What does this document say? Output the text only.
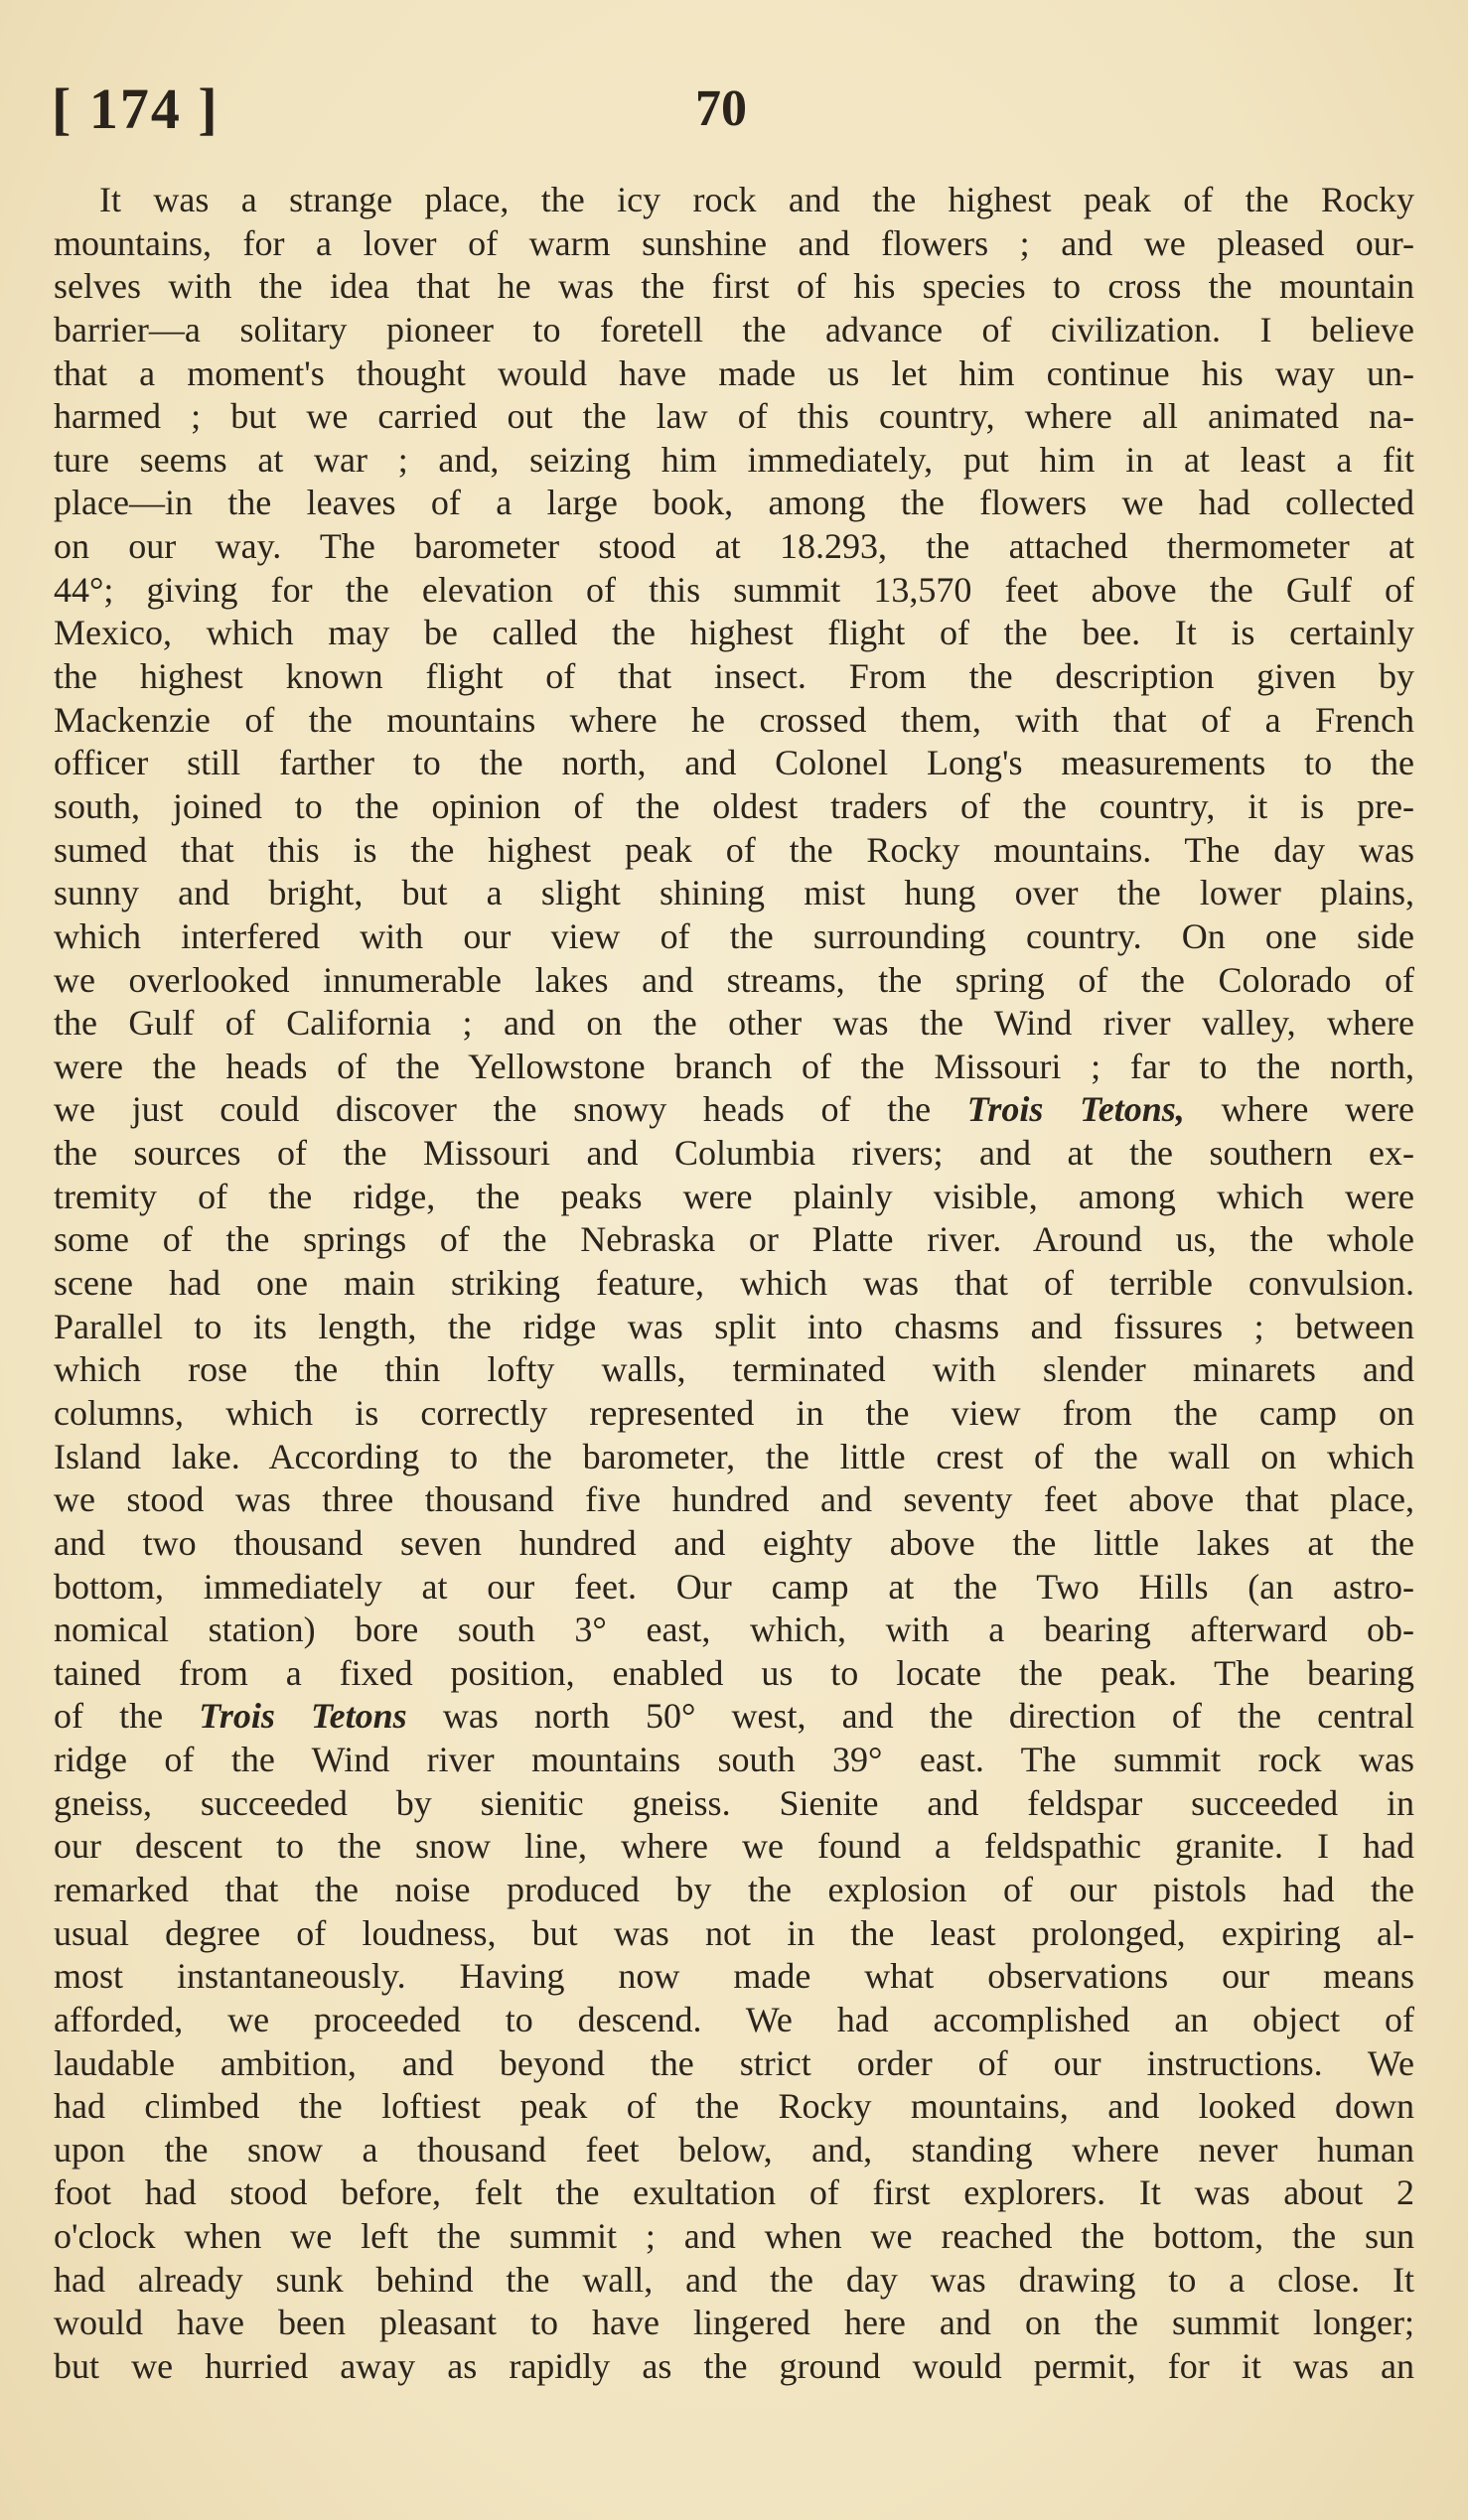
[ 174 ]	70
It was a strange place, the icy rock and the highest peak of the Rocky
mountains, for a lover of warm sunshine and flowers ; and we pleased our-
selves with the idea that he was the first of his species to cross the mountain
barrier—a solitary pioneer to foretell the advance of civilization. I believe
that a moment's thought would have made us let him continue his way un-
harmed ; but we carried out the law of this country, where all animated na-
ture seems at war ; and, seizing him immediately, put him in at least a fit
place—in the leaves of a large book, among the flowers we had collected
on our way. The barometer stood at 18.293, the attached thermometer at
44°; giving for the elevation of this summit 13,570 feet above the Gulf of
Mexico, which may be called the highest flight of the bee. It is certainly
the highest known flight of that insect. From the description given by
Mackenzie of the mountains where he crossed them, with that of a French
officer still farther to the north, and Colonel Long's measurements to the
south, joined to the opinion of the oldest traders of the country, it is pre-
sumed that this is the highest peak of the Rocky mountains. The day was
sunny and bright, but a slight shining mist hung over the lower plains,
which interfered with our view of the surrounding country. On one side
we overlooked innumerable lakes and streams, the spring of the Colorado of
the Gulf of California ; and on the other was the Wind river valley, where
were the heads of the Yellowstone branch of the Missouri ; far to the north,
we just could discover the snowy heads of the Trois Tetons, where were
the sources of the Missouri and Columbia rivers; and at the southern ex-
tremity of the ridge, the peaks were plainly visible, among which were
some of the springs of the Nebraska or Platte river. Around us, the whole
scene had one main striking feature, which was that of terrible convulsion.
Parallel to its length, the ridge was split into chasms and fissures ; between
which rose the thin lofty walls, terminated with slender minarets and
columns, which is correctly represented in the view from the camp on
Island lake. According to the barometer, the little crest of the wall on which
we stood was three thousand five hundred and seventy feet above that place,
and two thousand seven hundred and eighty above the little lakes at the
bottom, immediately at our feet. Our camp at the Two Hills (an astro-
nomical station) bore south 3° east, which, with a bearing afterward ob-
tained from a fixed position, enabled us to locate the peak. The bearing
of the Trois Tetons was north 50° west, and the direction of the central
ridge of the Wind river mountains south 39° east. The summit rock was
gneiss, succeeded by sienitic gneiss. Sienite and feldspar succeeded in
our descent to the snow line, where we found a feldspathic granite. I had
remarked that the noise produced by the explosion of our pistols had the
usual degree of loudness, but was not in the least prolonged, expiring al-
most instantaneously. Having now made what observations our means
afforded, we proceeded to descend. We had accomplished an object of
laudable ambition, and beyond the strict order of our instructions. We
had climbed the loftiest peak of the Rocky mountains, and looked down
upon the snow a thousand feet below, and, standing where never human
foot had stood before, felt the exultation of first explorers. It was about 2
o'clock when we left the summit ; and when we reached the bottom, the sun
had already sunk behind the wall, and the day was drawing to a close. It
would have been pleasant to have lingered here and on the summit longer;
but we hurried away as rapidly as the ground would permit, for it was an
